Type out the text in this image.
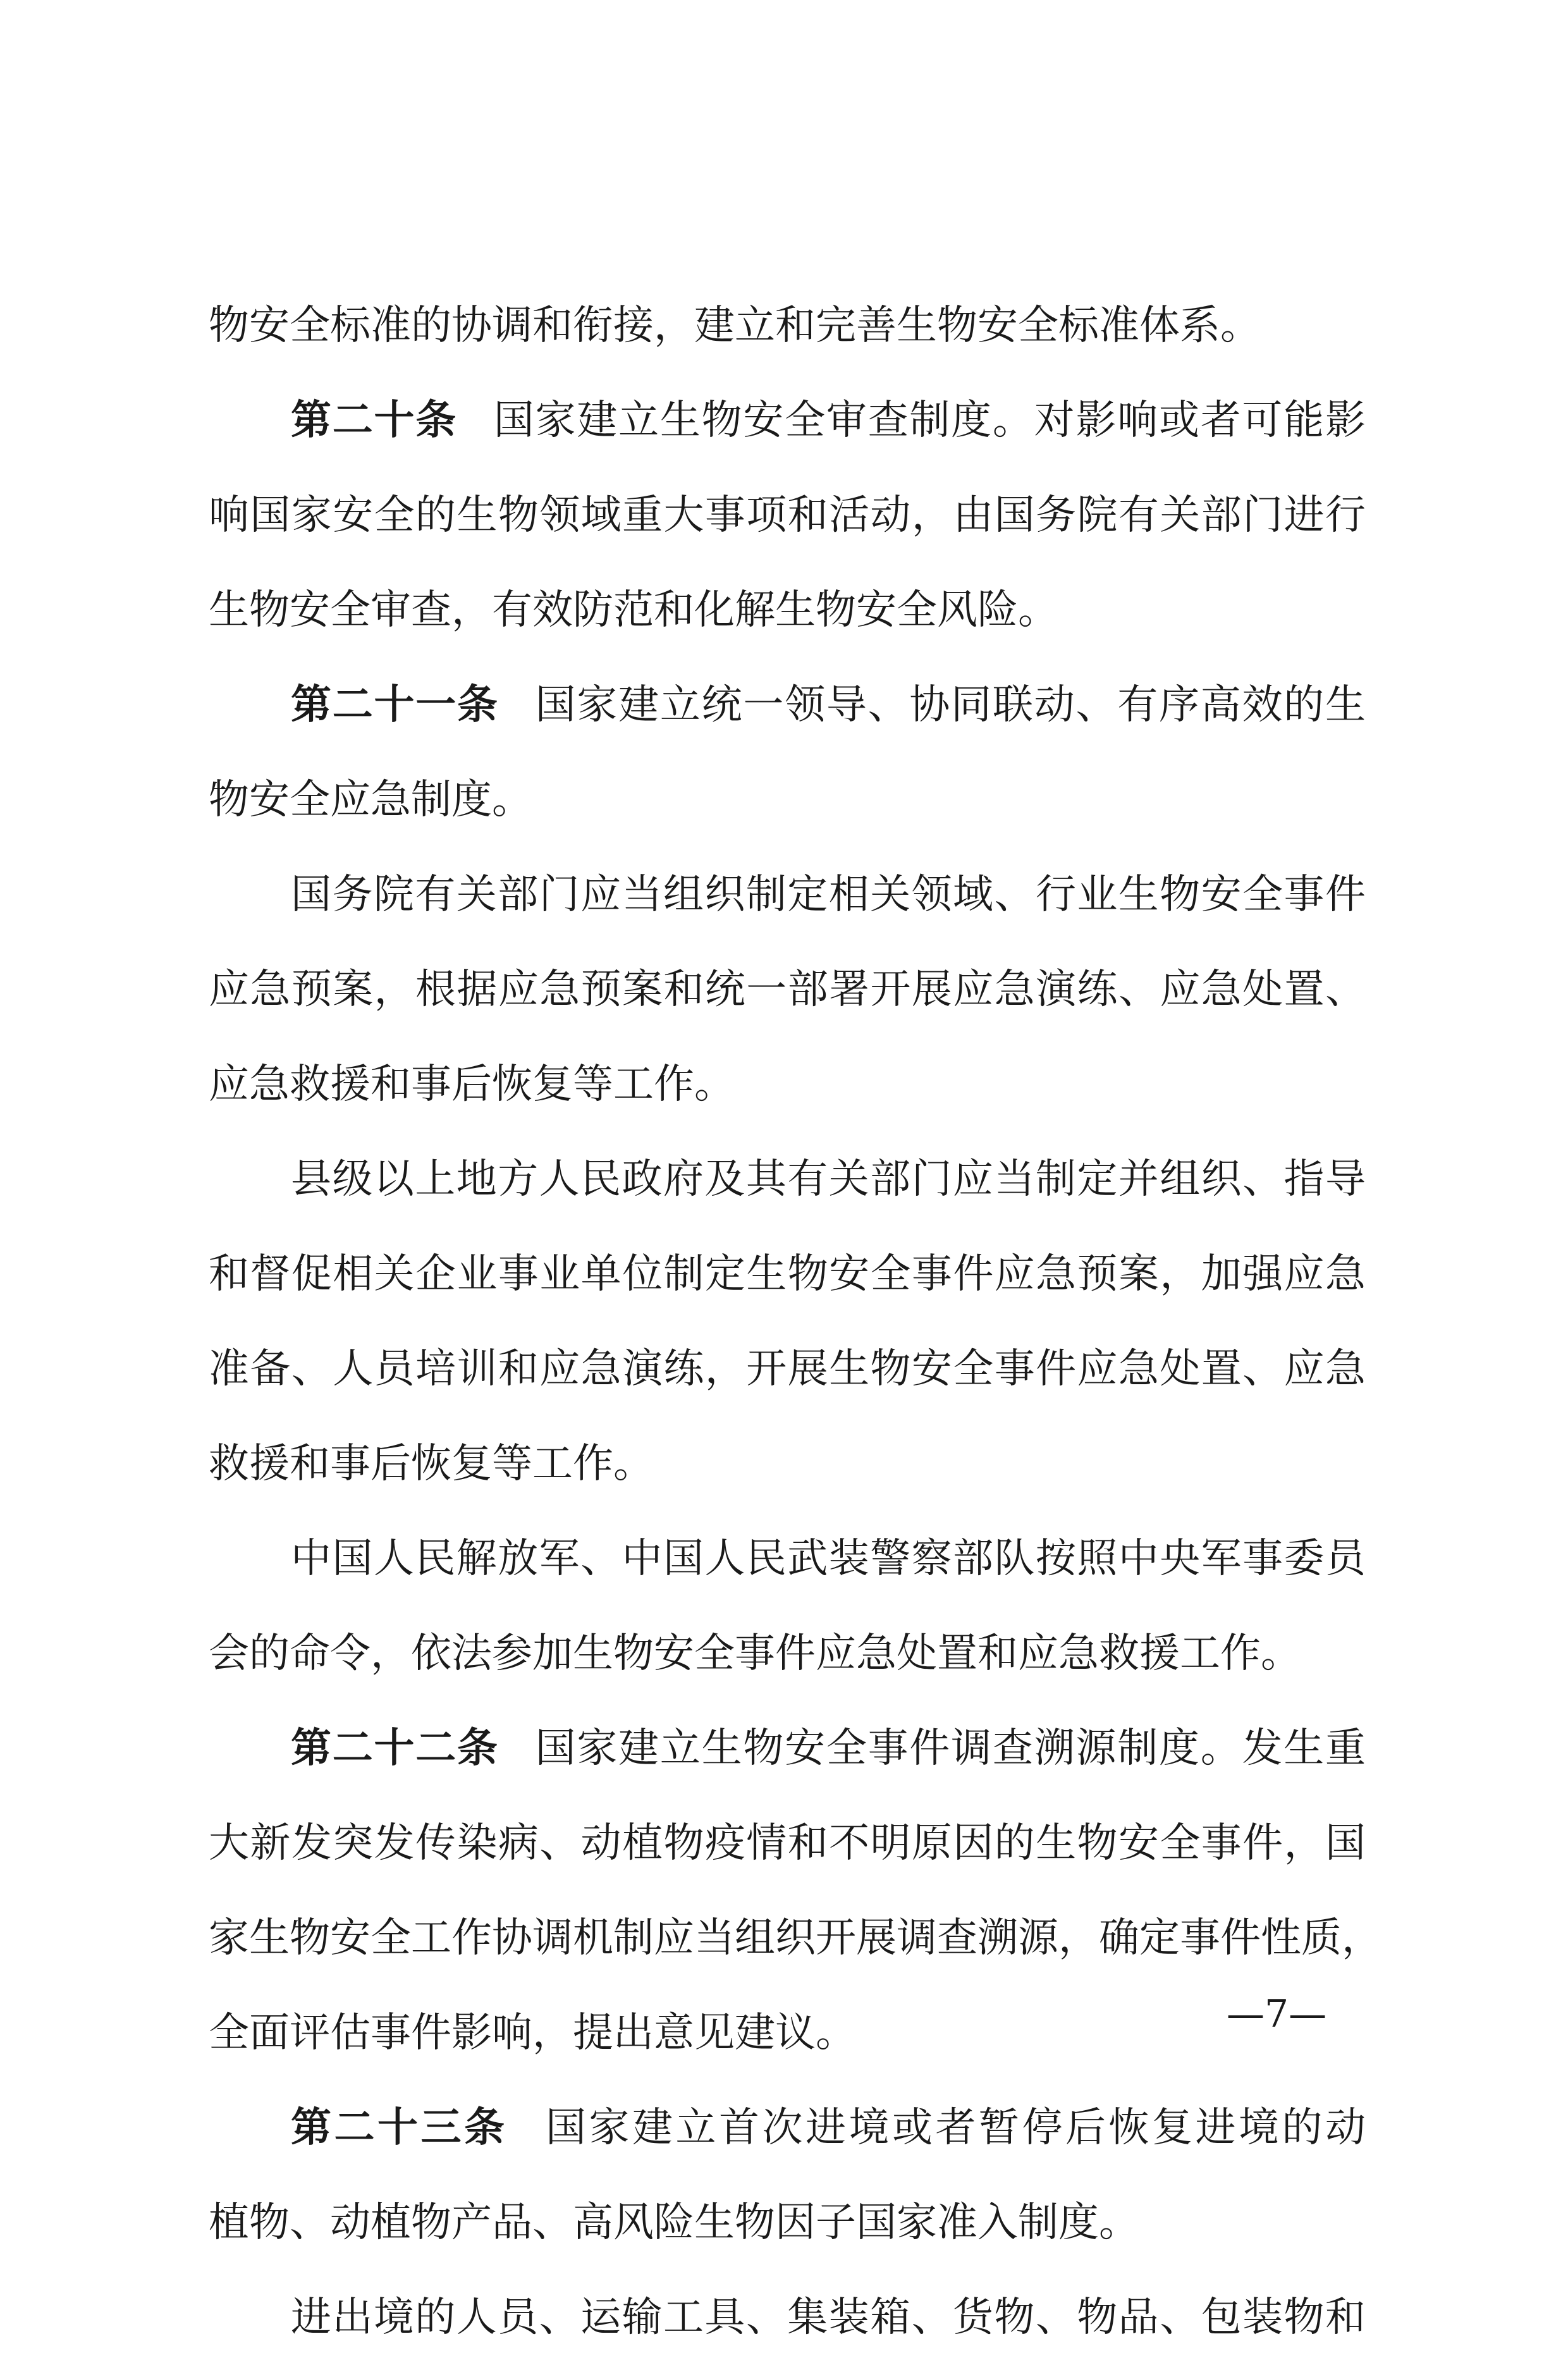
物安全标准的协调和衔接，建立和完善生物安全标准体系。
第二十条 国家建立生物安全审查制度。对影响或者可能影
响国家安全的生物领域重大事项和活动，由国务院有关部门进行
生物安全审查，有效防范和化解生物安全风险。
第二十一条 国家建立统一领导、协同联动、有序高效的生
物安全应急制度。
国务院有关部门应当组织制定相关领域、行业生物安全事件
应急预案，根据应急预案和统一部署开展应急演练、应急处置、
应急救援和事后恢复等工作。
县级以上地方人民政府及其有关部门应当制定并组织、指导
和督促相关企业事业单位制定生物安全事件应急预案，加强应急
准备、人员培训和应急演练，开展生物安全事件应急处置、应急
救援和事后恢复等工作。
中国人民解放军、中国人民武装警察部队按照中央军事委员
会的命令，依法参加生物安全事件应急处置和应急救援工作。
第二十二条 国家建立生物安全事件调查溯源制度。发生重
大新发突发传染病、动植物疫情和不明原因的生物安全事件，国
家生物安全工作协调机制应当组织开展调查溯源，确定事件性质，
全面评估事件影响，提出意见建议。
第二十三条 国家建立首次进境或者暂停后恢复进境的动
植物、动植物产品、高风险生物因子国家准入制度。
进出境的人员、运输工具、集装箱、货物、物品、包装物和
—7—
